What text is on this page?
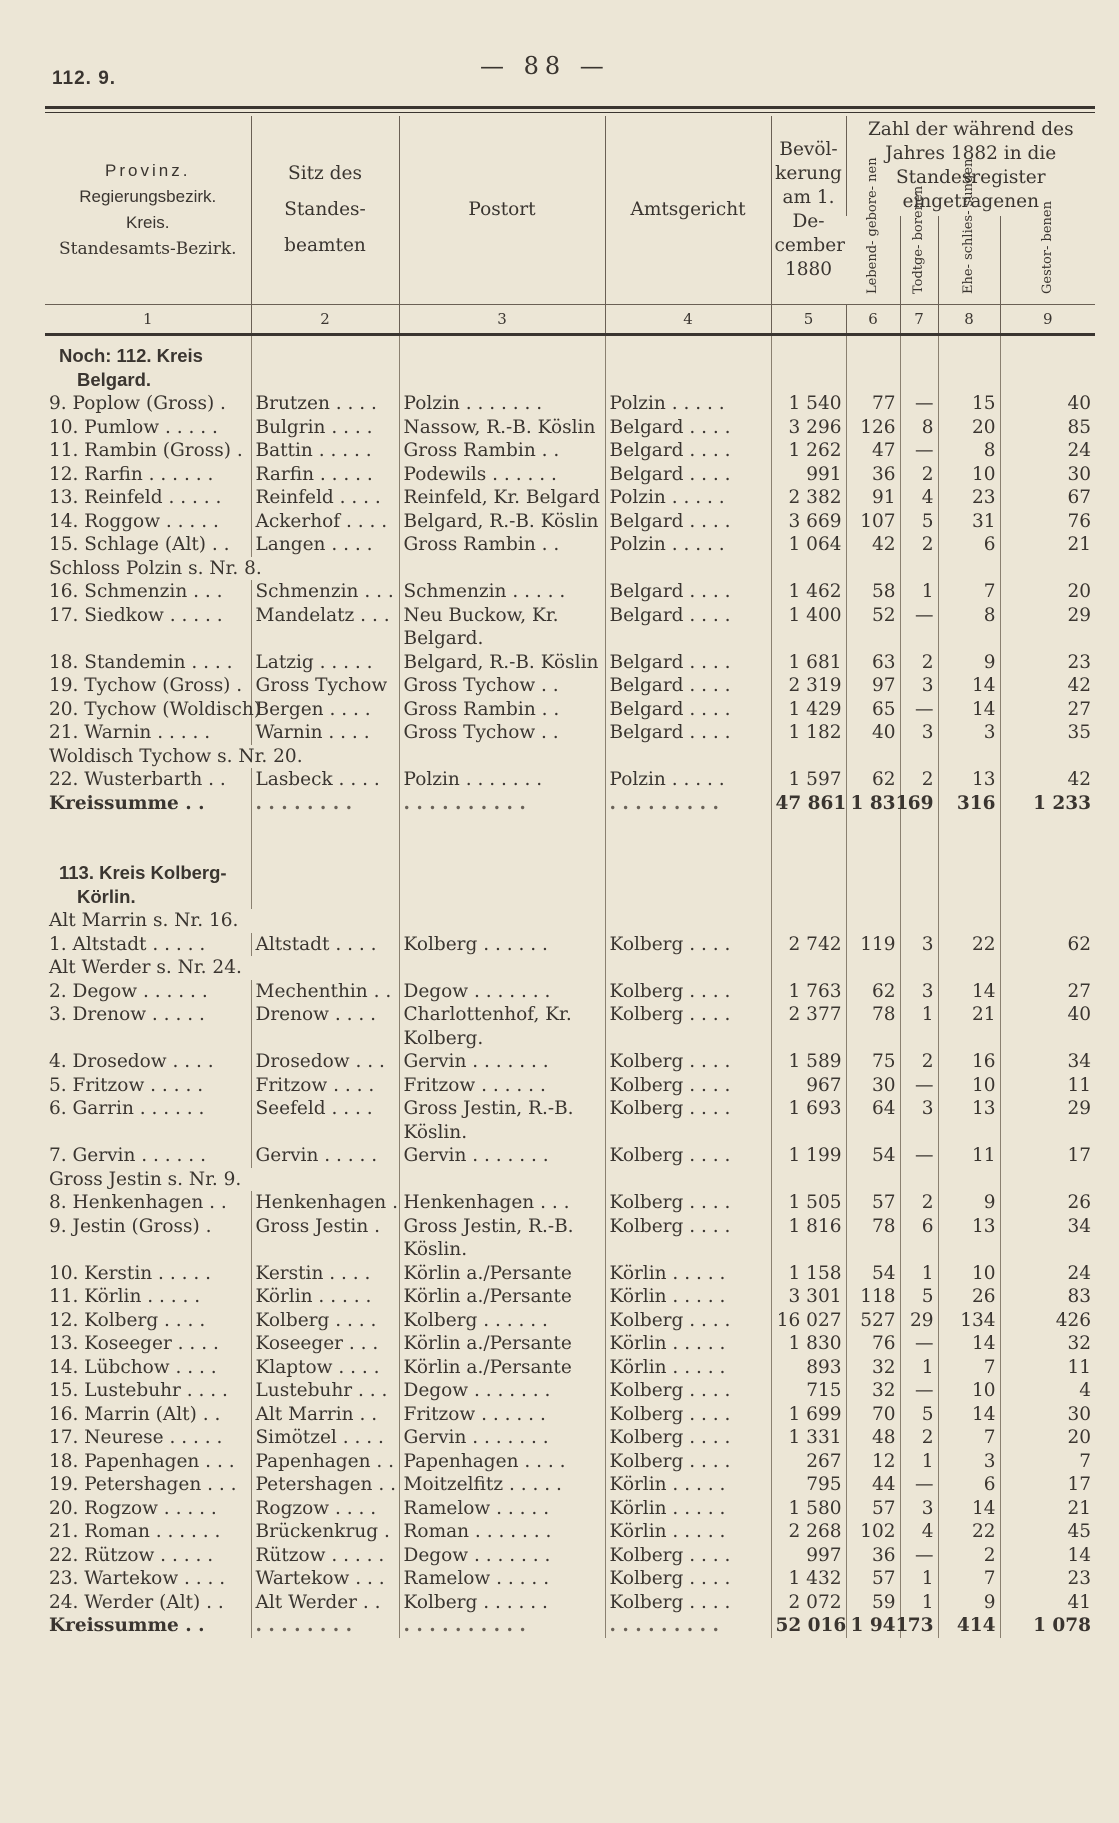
112. 9.	— 88 —
Provinz.
Regierungsbezirk.
Kreis.
Standesamts-Bezirk.	Sitz des Standes- beamten	Postort	Amtsgericht	Bevöl- kerung am 1. De- cember 1880	Zahl der während des Jahres 1882 in die Standesregister eingetragenen			
					Lebend- gebore- nen	Todtge- borenen	Ehe- schlies- sungen	Gestor- benen
1	2	3	4	5	6	7	8	9

Noch: 112. Kreis
Belgard.								

9. Poplow (Gross) .	Brutzen . . . .	Polzin . . . . . . .	Polzin . . . . .	1 540	77	—	15	40
10. Pumlow . . . . .	Bulgrin . . . .	Nassow, R.-B. Köslin	Belgard . . . .	3 296	126	8	20	85
11. Rambin (Gross) .	Battin . . . . .	Gross Rambin . .	Belgard . . . .	1 262	47	—	8	24
12. Rarfin . . . . . .	Rarfin . . . . .	Podewils . . . . . .	Belgard . . . .	991	36	2	10	30
13. Reinfeld . . . . .	Reinfeld . . . .	Reinfeld, Kr. Belgard	Polzin . . . . .	2 382	91	4	23	67
14. Roggow . . . . .	Ackerhof . . . .	Belgard, R.-B. Köslin	Belgard . . . .	3 669	107	5	31	76
15. Schlage (Alt) . .	Langen . . . .	Gross Rambin . .	Polzin . . . . .	1 064	42	2	6	21
Schloss Polzin s. Nr. 8.								
16. Schmenzin . . .	Schmenzin . . .	Schmenzin . . . . .	Belgard . . . .	1 462	58	1	7	20
17. Siedkow . . . . .	Mandelatz . . .	Neu Buckow, Kr.	Belgard . . . .	1 400	52	—	8	29
		Belgard.						
18. Standemin . . . .	Latzig . . . . .	Belgard, R.-B. Köslin	Belgard . . . .	1 681	63	2	9	23
19. Tychow (Gross) .	Gross Tychow	Gross Tychow . .	Belgard . . . .	2 319	97	3	14	42
20. Tychow (Woldisch)	Bergen . . . .	Gross Rambin . .	Belgard . . . .	1 429	65	—	14	27
21. Warnin . . . . .	Warnin . . . .	Gross Tychow . .	Belgard . . . .	1 182	40	3	3	35
Woldisch Tychow s. Nr. 20.								
22. Wusterbarth . .	Lasbeck . . . .	Polzin . . . . . . .	Polzin . . . . .	1 597	62	2	13	42
Kreissumme . .	. . . . . . . .	. . . . . . . . . .	. . . . . . . . .	47 861	1 831	69	316	1 233

113. Kreis Kolberg-
Körlin.								

Alt Marrin s. Nr. 16.								
1. Altstadt . . . . .	Altstadt . . . .	Kolberg . . . . . .	Kolberg . . . .	2 742	119	3	22	62
Alt Werder s. Nr. 24.								
2. Degow . . . . . .	Mechenthin . .	Degow . . . . . . .	Kolberg . . . .	1 763	62	3	14	27
3. Drenow . . . . .	Drenow . . . .	Charlottenhof, Kr.	Kolberg . . . .	2 377	78	1	21	40
		Kolberg.						
4. Drosedow . . . .	Drosedow . . .	Gervin . . . . . . .	Kolberg . . . .	1 589	75	2	16	34
5. Fritzow . . . . .	Fritzow . . . .	Fritzow . . . . . .	Kolberg . . . .	967	30	—	10	11
6. Garrin . . . . . .	Seefeld . . . .	Gross Jestin, R.-B.	Kolberg . . . .	1 693	64	3	13	29
		Köslin.						
7. Gervin . . . . . .	Gervin . . . . .	Gervin . . . . . . .	Kolberg . . . .	1 199	54	—	11	17
Gross Jestin s. Nr. 9.								
8. Henkenhagen . .	Henkenhagen .	Henkenhagen . . .	Kolberg . . . .	1 505	57	2	9	26
9. Jestin (Gross) .	Gross Jestin .	Gross Jestin, R.-B.	Kolberg . . . .	1 816	78	6	13	34
		Köslin.						
10. Kerstin . . . . .	Kerstin . . . .	Körlin a./Persante	Körlin . . . . .	1 158	54	1	10	24
11. Körlin . . . . .	Körlin . . . . .	Körlin a./Persante	Körlin . . . . .	3 301	118	5	26	83
12. Kolberg . . . .	Kolberg . . . .	Kolberg . . . . . .	Kolberg . . . .	16 027	527	29	134	426
13. Koseeger . . . .	Koseeger . . .	Körlin a./Persante	Körlin . . . . .	1 830	76	—	14	32
14. Lübchow . . . .	Klaptow . . . .	Körlin a./Persante	Körlin . . . . .	893	32	1	7	11
15. Lustebuhr . . . .	Lustebuhr . . .	Degow . . . . . . .	Kolberg . . . .	715	32	—	10	4
16. Marrin (Alt) . .	Alt Marrin . .	Fritzow . . . . . .	Kolberg . . . .	1 699	70	5	14	30
17. Neurese . . . . .	Simötzel . . . .	Gervin . . . . . . .	Kolberg . . . .	1 331	48	2	7	20
18. Papenhagen . . .	Papenhagen . .	Papenhagen . . . .	Kolberg . . . .	267	12	1	3	7
19. Petershagen . . .	Petershagen . .	Moitzelfitz . . . . .	Körlin . . . . .	795	44	—	6	17
20. Rogzow . . . . .	Rogzow . . . .	Ramelow . . . . .	Körlin . . . . .	1 580	57	3	14	21
21. Roman . . . . . .	Brückenkrug .	Roman . . . . . . .	Körlin . . . . .	2 268	102	4	22	45
22. Rützow . . . . .	Rützow . . . . .	Degow . . . . . . .	Kolberg . . . .	997	36	—	2	14
23. Wartekow . . . .	Wartekow . . .	Ramelow . . . . .	Kolberg . . . .	1 432	57	1	7	23
24. Werder (Alt) . .	Alt Werder . .	Kolberg . . . . . .	Kolberg . . . .	2 072	59	1	9	41
Kreissumme . .	. . . . . . . .	. . . . . . . . . .	. . . . . . . . .	52 016	1 941	73	414	1 078
